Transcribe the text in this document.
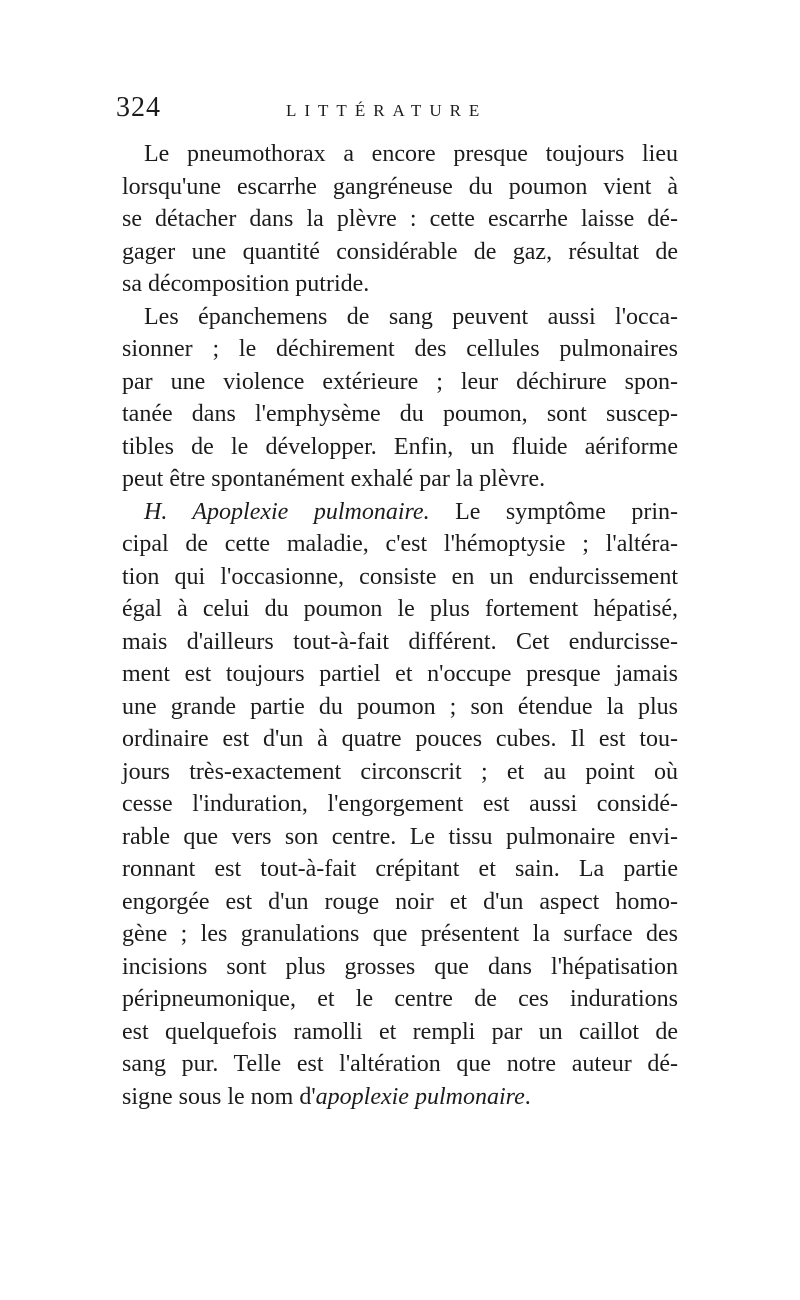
324	LITTÉRATURE
Le pneumothorax a encore presque toujours lieu
lorsqu'une escarrhe gangréneuse du poumon vient à
se détacher dans la plèvre : cette escarrhe laisse dé-
gager une quantité considérable de gaz, résultat de
sa décomposition putride.
Les épanchemens de sang peuvent aussi l'occa-
sionner ; le déchirement des cellules pulmonaires
par une violence extérieure ; leur déchirure spon-
tanée dans l'emphysème du poumon, sont suscep-
tibles de le développer. Enfin, un fluide aériforme
peut être spontanément exhalé par la plèvre.
H. Apoplexie pulmonaire. Le symptôme prin-
cipal de cette maladie, c'est l'hémoptysie ; l'altéra-
tion qui l'occasionne, consiste en un endurcissement
égal à celui du poumon le plus fortement hépatisé,
mais d'ailleurs tout-à-fait différent. Cet endurcisse-
ment est toujours partiel et n'occupe presque jamais
une grande partie du poumon ; son étendue la plus
ordinaire est d'un à quatre pouces cubes. Il est tou-
jours très-exactement circonscrit ; et au point où
cesse l'induration, l'engorgement est aussi considé-
rable que vers son centre. Le tissu pulmonaire envi-
ronnant est tout-à-fait crépitant et sain. La partie
engorgée est d'un rouge noir et d'un aspect homo-
gène ; les granulations que présentent la surface des
incisions sont plus grosses que dans l'hépatisation
péripneumonique, et le centre de ces indurations
est quelquefois ramolli et rempli par un caillot de
sang pur. Telle est l'altération que notre auteur dé-
signe sous le nom d'apoplexie pulmonaire.
